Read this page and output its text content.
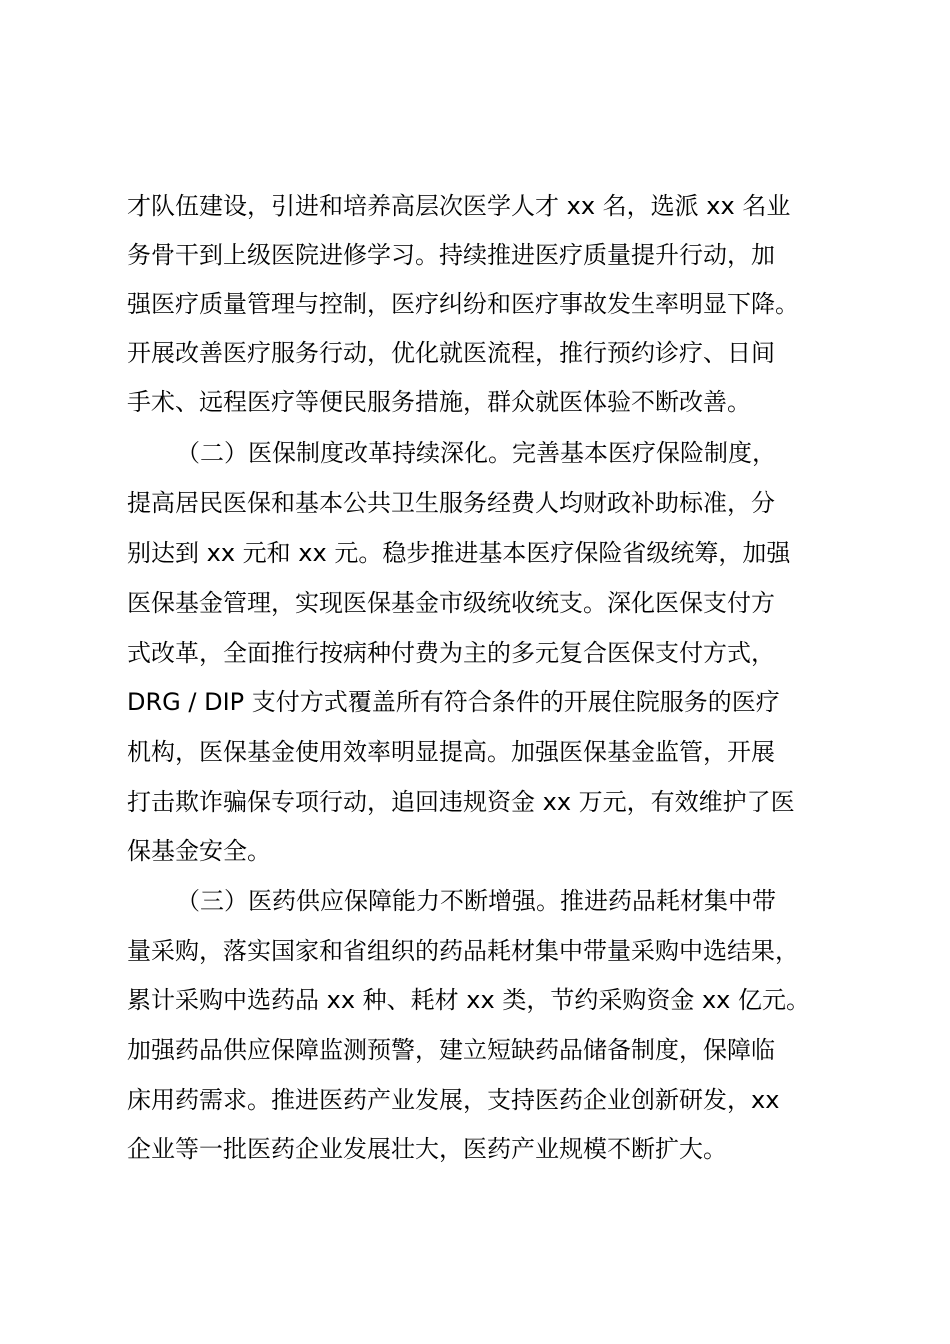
才队伍建设，引进和培养高层次医学人才 xx 名，选派 xx 名业
务骨干到上级医院进修学习。持续推进医疗质量提升行动，加
强医疗质量管理与控制，医疗纠纷和医疗事故发生率明显下降。
开展改善医疗服务行动，优化就医流程，推行预约诊疗、日间
手术、远程医疗等便民服务措施，群众就医体验不断改善。
（二）医保制度改革持续深化。完善基本医疗保险制度，
提高居民医保和基本公共卫生服务经费人均财政补助标准，分
别达到 xx 元和 xx 元。稳步推进基本医疗保险省级统筹，加强
医保基金管理，实现医保基金市级统收统支。深化医保支付方
式改革，全面推行按病种付费为主的多元复合医保支付方式，
DRG / DIP 支付方式覆盖所有符合条件的开展住院服务的医疗
机构，医保基金使用效率明显提高。加强医保基金监管，开展
打击欺诈骗保专项行动，追回违规资金 xx 万元，有效维护了医
保基金安全。
（三）医药供应保障能力不断增强。推进药品耗材集中带
量采购，落实国家和省组织的药品耗材集中带量采购中选结果，
累计采购中选药品 xx 种、耗材 xx 类，节约采购资金 xx 亿元。
加强药品供应保障监测预警，建立短缺药品储备制度，保障临
床用药需求。推进医药产业发展，支持医药企业创新研发，xx
企业等一批医药企业发展壮大，医药产业规模不断扩大。
